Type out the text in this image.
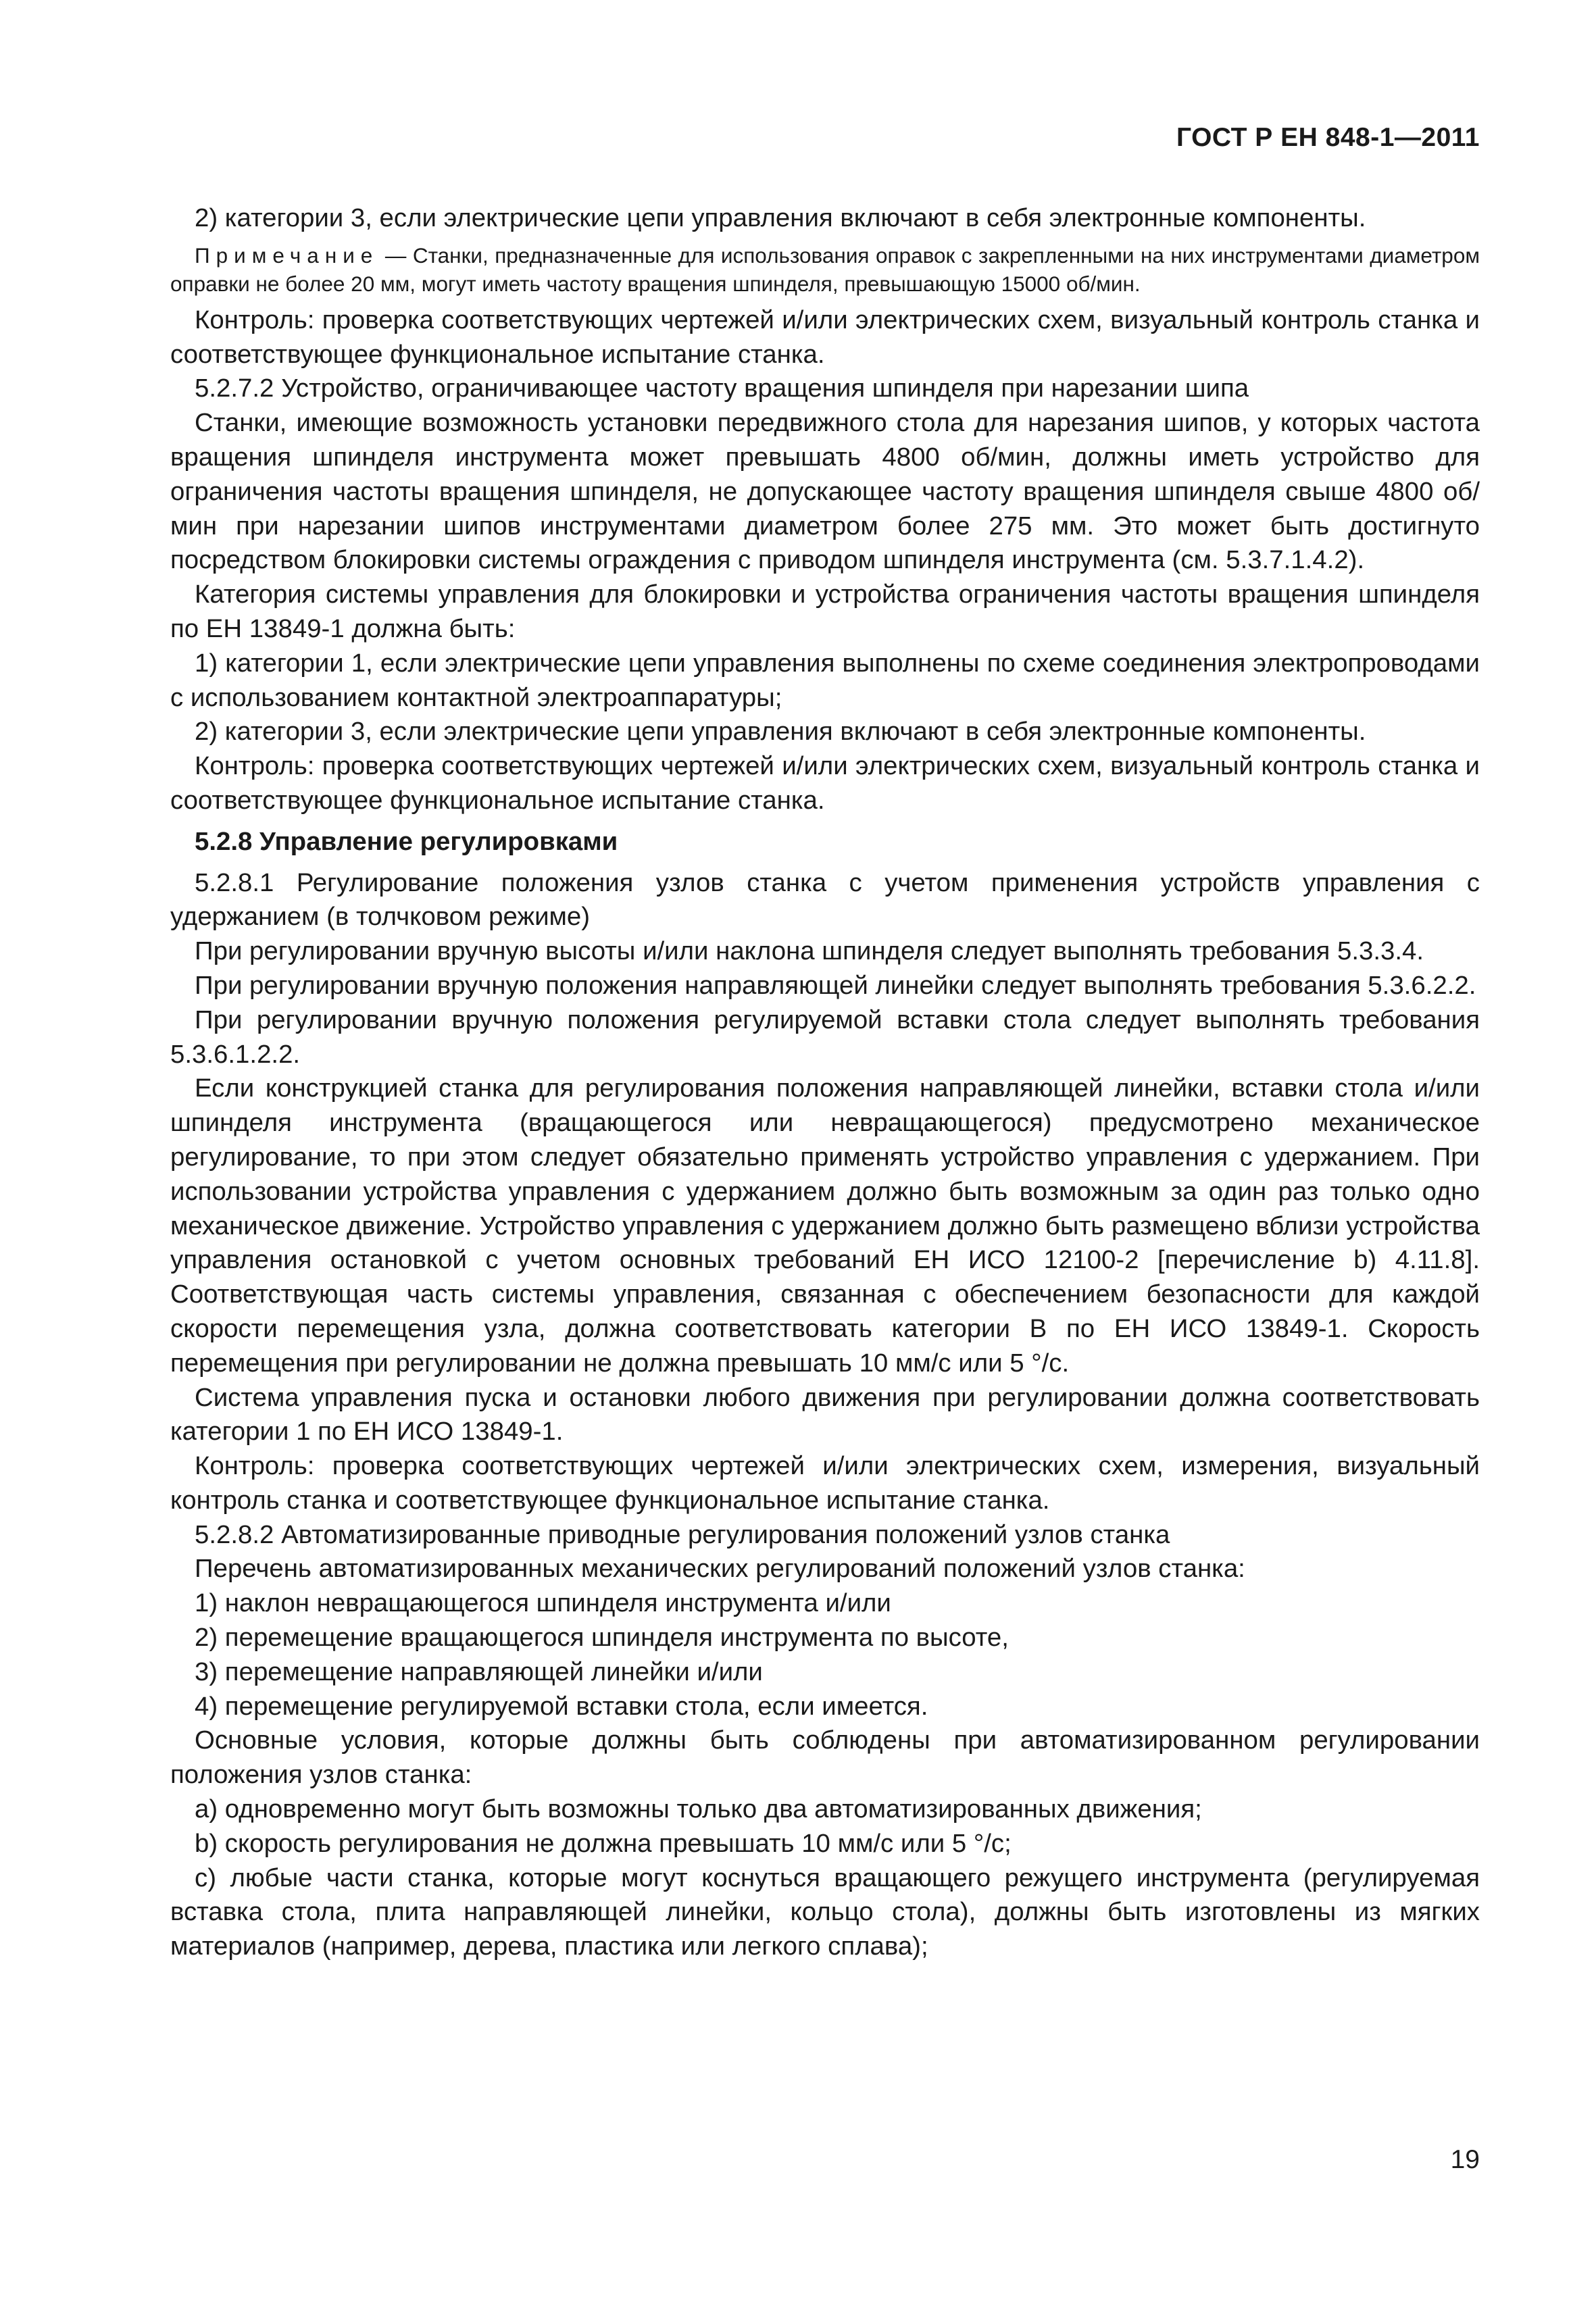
ГОСТ Р ЕН 848-1—2011

2) категории 3, если электрические цепи управления включают в себя электронные компоненты.

Примечание — Станки, предназначенные для использования оправок с закрепленными на них инструментами диаметром оправки не более 20 мм, могут иметь частоту вращения шпинделя, превышающую 15000 об/мин.

Контроль: проверка соответствующих чертежей и/или электрических схем, визуальный контроль станка и соответствующее функциональное испытание станка.

5.2.7.2 Устройство, ограничивающее частоту вращения шпинделя при нарезании шипа

Станки, имеющие возможность установки передвижного стола для нарезания шипов, у которых частота вращения шпинделя инструмента может превышать 4800 об/мин, должны иметь устройство для ограничения частоты вращения шпинделя, не допускающее частоту вращения шпинделя свыше 4800 об/мин при нарезании шипов инструментами диаметром более 275 мм. Это может быть достигнуто посредством блокировки системы ограждения с приводом шпинделя инструмента (см. 5.3.7.1.4.2).

Категория системы управления для блокировки и устройства ограничения частоты вращения шпинделя по ЕН 13849-1 должна быть:

1) категории 1, если электрические цепи управления выполнены по схеме соединения электропроводами с использованием контактной электроаппаратуры;

2) категории 3, если электрические цепи управления включают в себя электронные компоненты.

Контроль: проверка соответствующих чертежей и/или электрических схем, визуальный контроль станка и соответствующее функциональное испытание станка.

5.2.8 Управление регулировками

5.2.8.1 Регулирование положения узлов станка с учетом применения устройств управления с удержанием (в толчковом режиме)

При регулировании вручную высоты и/или наклона шпинделя следует выполнять требования 5.3.3.4.

При регулировании вручную положения направляющей линейки следует выполнять требования 5.3.6.2.2.

При регулировании вручную положения регулируемой вставки стола следует выполнять требования 5.3.6.1.2.2.

Если конструкцией станка для регулирования положения направляющей линейки, вставки стола и/или шпинделя инструмента (вращающегося или невращающегося) предусмотрено механическое регулирование, то при этом следует обязательно применять устройство управления с удержанием. При использовании устройства управления с удержанием должно быть возможным за один раз только одно механическое движение. Устройство управления с удержанием должно быть размещено вблизи устройства управления остановкой с учетом основных требований ЕН ИСО 12100-2 [перечисление b) 4.11.8]. Соответствующая часть системы управления, связанная с обеспечением безопасности для каждой скорости перемещения узла, должна соответствовать категории В по ЕН ИСО 13849-1. Скорость перемещения при регулировании не должна превышать 10 мм/с или 5 °/с.

Система управления пуска и остановки любого движения при регулировании должна соответствовать категории 1 по ЕН ИСО 13849-1.

Контроль: проверка соответствующих чертежей и/или электрических схем, измерения, визуальный контроль станка и соответствующее функциональное испытание станка.

5.2.8.2 Автоматизированные приводные регулирования положений узлов станка

Перечень автоматизированных механических регулирований положений узлов станка:

1) наклон невращающегося шпинделя инструмента и/или

2) перемещение вращающегося шпинделя инструмента по высоте,

3) перемещение направляющей линейки и/или

4) перемещение регулируемой вставки стола, если имеется.

Основные условия, которые должны быть соблюдены при автоматизированном регулировании положения узлов станка:

a) одновременно могут быть возможны только два автоматизированных движения;

b) скорость регулирования не должна превышать 10 мм/с или 5 °/с;

c) любые части станка, которые могут коснуться вращающего режущего инструмента (регулируемая вставка стола, плита направляющей линейки, кольцо стола), должны быть изготовлены из мягких материалов (например, дерева, пластика или легкого сплава);

19
